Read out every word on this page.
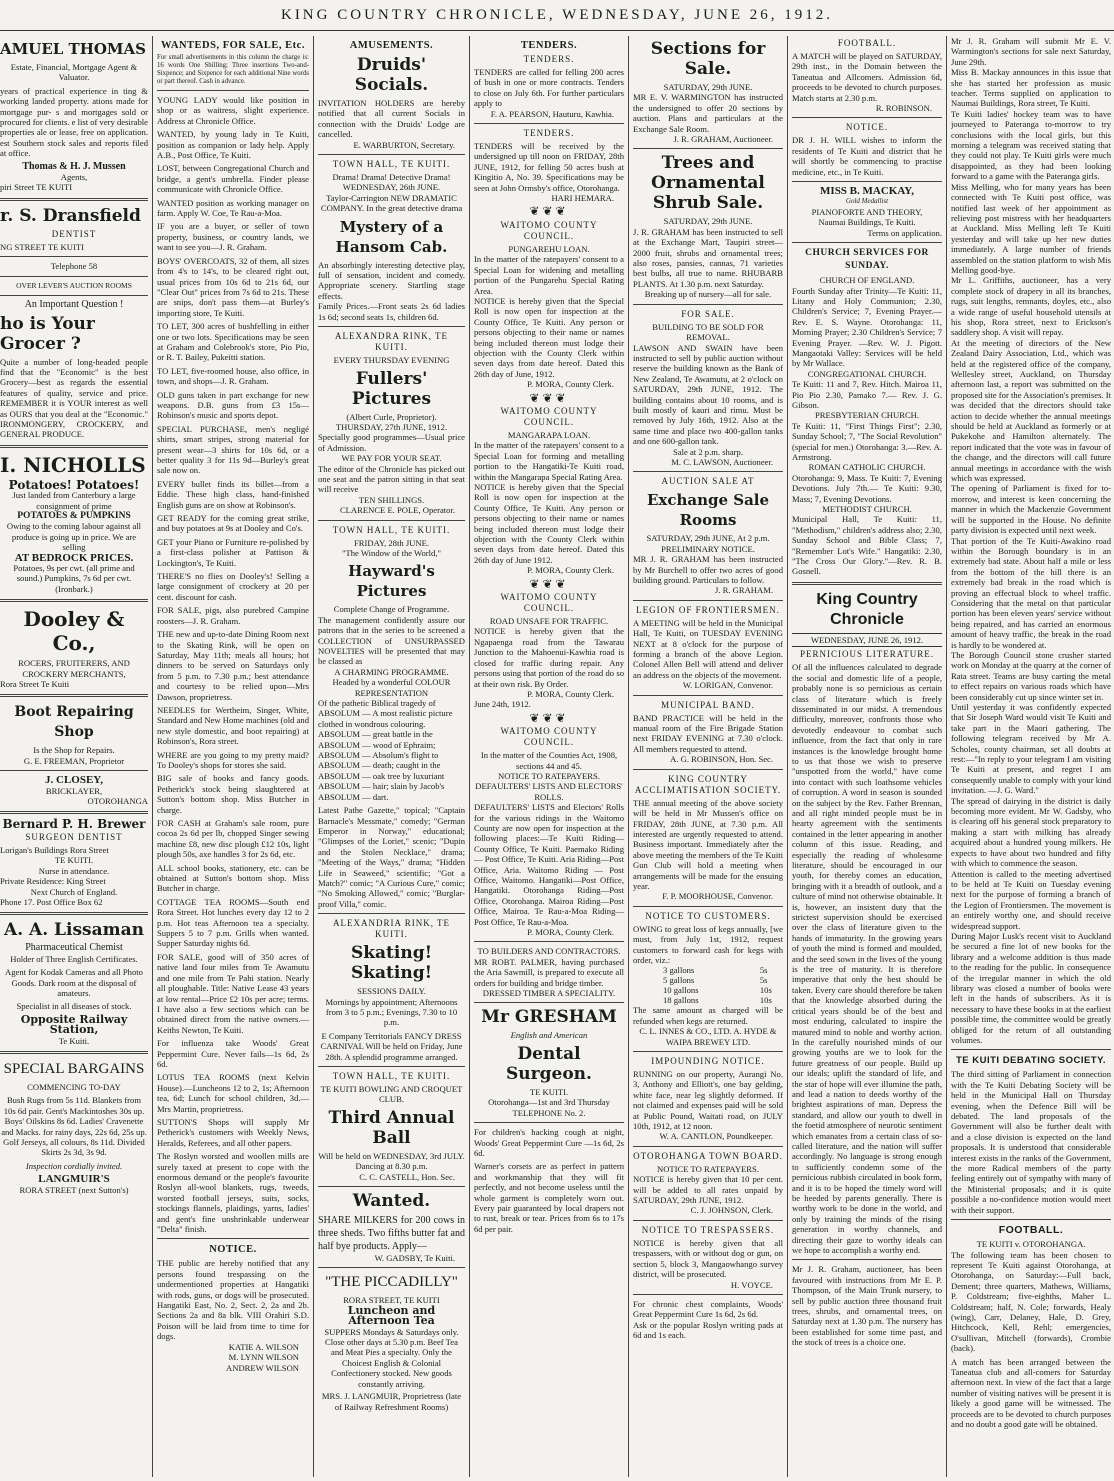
KING COUNTRY CHRONICLE, WEDNESDAY, JUNE 26, 1912.
AMUEL THOMAS
Estate, Financial, Mortgage Agent & Valuator.
years of practical experience in ting & working landed property. ations made for mortgage pur- s and mortgages sold or procured for clients. e list of very desirable properties ale or lease, free on application. est Southern stock sales and reports filed at office.
Thomas & H. J. Mussen
Agents,
piri Street TE KUITI
r. S. Dransfield
DENTIST
NG STREET TE KUITI
Telephone 58
OVER LEVER'S AUCTION ROOMS
An Important Question !
ho is Your Grocer ?
Quite a number of long-headed people find that the "Economic" is the best Grocery—best as regards the essential features of quality, service and price. REMEMBER it is YOUR interest as well as OURS that you deal at the "Economic." IRONMONGERY, CROCKERY, and GENERAL PRODUCE.
I. NICHOLLS
Potatoes! Potatoes!
Just landed from Canterbury a large consignment of prime
POTATOES & PUMPKINS
Owing to the coming labour against all produce is going up in price. We are selling
AT BEDROCK PRICES.
Potatoes, 9s per cwt. (all prime and sound.) Pumpkins, 7s 6d per cwt. (Ironbark.)
Dooley & Co.,
ROCERS, FRUITERERS, AND CROCKERY MERCHANTS,
Rora Street Te Kuiti
Boot Repairing Shop
Is the Shop for Repairs.
G. E. FREEMAN, Proprietor
J. CLOSEY,
BRICKLAYER,
OTOROHANGA
Bernard P. H. Brewer
SURGEON DENTIST
Lorigan's Buildings Rora Street
TE KUITI.
Nurse in attendance.
Private Residence: King Street
Next Church of England.
Phone 17. Post Office Box 62
A. A. Lissaman
Pharmaceutical Chemist
Holder of Three English Certificates.
Agent for Kodak Cameras and all Photo Goods. Dark room at the disposal of amateurs.
Specialist in all diseases of stock.
Opposite Railway Station,
Te Kuiti.
SPECIAL BARGAINS
COMMENCING TO-DAY
Bush Rugs from 5s 11d. Blankets from 10s 6d pair. Gent's Mackintoshes 30s up. Boys' Oilskins 8s 6d. Ladies' Cravenette and Macks. for rainy days, 22s 6d, 25s up. Golf Jerseys, all colours, 8s 11d. Divided Skirts 2s 3d, 3s 9d.
Inspection cordially invited.
LANGMUIR'S
RORA STREET (next Sutton's)
WANTEDS, FOR SALE, Etc.
For small advertisements in this column the charge is: 16 words One Shilling; Three insertions Two-and-Sixpence; and Sixpence for each additional Nine words or part thereof. Cash in advance.
YOUNG LADY would like position in shop or as waitress, slight experience. Address at Chronicle Office.
WANTED, by young lady in Te Kuiti, position as companion or lady help. Apply A.B., Post Office, Te Kuiti.
LOST, between Congregational Church and bridge, a gent's umbrella. Finder please communicate with Chronicle Office.
WANTED position as working manager on farm. Apply W. Coe, Te Rau-a-Moa.
IF you are a buyer, or seller of town property, business, or country lands, we want to see you—J. R. Graham.
BOYS' OVERCOATS, 32 of them, all sizes from 4's to 14's, to be cleared right out, usual prices from 10s 6d to 21s 6d, our "Clear Out" prices from 7s 6d to 21s. These are snips, don't pass them—at Burley's importing store, Te Kuiti.
TO LET, 300 acres of bushfelling in either one or two lots. Specifications may be seen at Graham and Colebrook's store, Pio Pio, or R. T. Bailey, Pukeitti station.
TO LET, five-roomed house, also office, in town, and shops—J. R. Graham.
OLD guns taken in part exchange for new weapons. D.B. guns from £3 15s—Robinson's music and sports depot.
SPECIAL PURCHASE, men's negligé shirts, smart stripes, strong material for present wear—3 shirts for 10s 6d, or a better quality 3 for 11s 9d—Burley's great sale now on.
EVERY bullet finds its billet—from a Eddie. These high class, hand-finished English guns are on show at Robinson's.
GET READY for the coming great strike, and buy potatoes at 9s at Dooley and Co's.
GET your Piano or Furniture re-polished by a first-class polisher at Pattison & Lockington's, Te Kuiti.
THERE'S no flies on Dooley's! Selling a large consignment of crockery at 20 per cent. discount for cash.
FOR SALE, pigs, also purebred Campine roosters—J. R. Graham.
THE new and up-to-date Dining Room next to the Skating Rink, will be open on Saturday, May 11th; meals all hours; hot dinners to be served on Saturdays only from 5 p.m. to 7.30 p.m.; best attendance and courtesy to be relied upon—Mrs Dawson, proprietress.
NEEDLES for Wertheim, Singer, White, Standard and New Home machines (old and new style domestic, and boot repairing) at Robinson's, Rora street.
WHERE are you going to my pretty maid? To Dooley's shops for stores she said.
BIG sale of books and fancy goods. Petherick's stock being slaughtered at Sutton's bottom shop. Miss Butcher in charge.
FOR CASH at Graham's sale room, pure cocoa 2s 6d per lb, chopped Singer sewing machine £8, new disc plough £12 10s, light plough 50s, axe handles 3 for 2s 6d, etc.
ALL school books, stationery, etc. can be obtained at Sutton's bottom shop. Miss Butcher in charge.
COTTAGE TEA ROOMS—South end Rora Street. Hot lunches every day 12 to 2 p.m. Hot teas Afternoon tea a specialty. Suppers 5 to 7 p.m. Grills when wanted. Supper Saturday nights 6d.
FOR SALE, good will of 350 acres of native land four miles from Te Awamutu and one mile from Te Pahi station. Nearly all ploughable. Title: Native Lease 43 years at low rental—Price £2 10s per acre; terms. I have also a few sections which can be obtained direct from the native owners.—Keiths Newton, Te Kuiti.
For influenza take Woods' Great Peppermint Cure. Never fails—1s 6d, 2s 6d.
LOTUS TEA ROOMS (next Kelvin House).—Luncheons 12 to 2, 1s; Afternoon tea, 6d; Lunch for school children, 3d.—Mrs Martin, proprietress.
SUTTON'S Shops will supply Mr Petherick's customers with Weekly News, Heralds, Referees, and all other papers.
The Roslyn worsted and woollen mills are surely taxed at present to cope with the enormous demand or the people's favourite Roslyn all-wool blankets, rugs, tweeds, worsted football jerseys, suits, socks, stockings flannels, plaidings, yarns, ladies' and gent's fine unshrinkable underwear "Delta" finish.
NOTICE.
THE public are hereby notified that any persons found trespassing on the undermentioned properties at Hangatiki with rods, guns, or dogs will be prosecuted. Hangatiki East, No. 2, Sect. 2, 2a and 2b. Sections 2a and 8a blk. VIII Orahiri S.D. Poison will be laid from time to time for dogs.
KATIE A. WILSON
M. LYNN WILSON
ANDREW WILSON
AMUSEMENTS.
Druids' Socials.
INVITATION HOLDERS are hereby notified that all current Socials in connection with the Druids' Lodge are cancelled.
E. WARBURTON, Secretary.
TOWN HALL, TE KUITI.
Drama! Drama! Detective Drama!
WEDNESDAY, 26th JUNE.
Taylor-Carrington NEW DRAMATIC COMPANY. In the great detective drama
Mystery of a Hansom Cab.
An absorbingly interesting detective play, full of sensation, incident and comedy. Appropriate scenery. Startling stage effects.
Family Prices.—Front seats 2s 6d ladies 1s 6d; second seats 1s, children 6d.
ALEXANDRA RINK, TE KUITI.
EVERY THURSDAY EVENING
Fullers' Pictures
(Albert Curle, Proprietor).
THURSDAY, 27th JUNE, 1912.
Specially good programmes—Usual price of Admission.
WE PAY FOR YOUR SEAT.
The editor of the Chronicle has picked out one seat and the patron sitting in that seat will receive
TEN SHILLINGS.
CLARENCE E. POLE, Operator.
TOWN HALL, TE KUITI.
FRIDAY, 28th JUNE.
"The Window of the World,"
Hayward's Pictures
Complete Change of Programme.
The management confidently assure our patrons that in the series to be screened a COLLECTION of UNSURPASSED NOVELTIES will be presented that may be classed as
A CHARMING PROGRAMME.
Headed by a wonderful COLOUR REPRESENTATION
Of the pathetic Biblical tragedy of
ABSOLUM — A most realistic picture clothed in wondrous colouring.
ABSOLUM — great battle in the
ABSOLUM — wood of Ephraim;
ABSOLUM — Absolum's flight to
ABSOLUM — death; caught in the
ABSOLUM — oak tree by luxuriant
ABSOLUM — hair; slain by Jacob's
ABSOLUM — dart.
Latest Pathe Gazette," topical; "Captain Barnacle's Messmate," comedy; "German Emperor in Norway," educational; "Glimpses of the Loriet," scenic; "Dupin and the Stolen Necklace," drama; "Meeting of the Ways," drama; "Hidden Life in Seaweed," scientific; "Got a Match?" comic; "A Curious Cure," comic; "No Smoking Allowed," comic; "Burglar-proof Villa," comic.
ALEXANDRIA RINK, TE KUITI.
Skating! Skating!
SESSIONS DAILY.
Mornings by appointment; Afternoons from 3 to 5 p.m.; Evenings, 7.30 to 10 p.m.
E Company Territorials FANCY DRESS CARNIVAL Will be held on Friday, June 28th. A splendid programme arranged.
TOWN HALL, TE KUITI.
TE KUITI BOWLING AND CROQUET CLUB.
Third Annual Ball
Will be held on WEDNESDAY, 3rd JULY.
Dancing at 8.30 p.m.
C. C. CASTELL, Hon. Sec.
Wanted.
SHARE MILKERS for 200 cows in three sheds. Two fifths butter fat and half bye products. Apply—
W. GADSBY, Te Kuiti.
"THE PICCADILLY"
RORA STREET, TE KUITI
Luncheon and Afternoon Tea
SUPPERS Mondays & Saturdays only. Close other days at 5.30 p.m. Beef Tea and Meat Pies a specialty. Only the Choicest English & Colonial Confectionery stocked. New goods constantly arriving.
MRS. J. LANGMUIR, Proprietress (late of Railway Refreshment Rooms)
TENDERS.
TENDERS.
TENDERS are called for felling 200 acres of bush in one or more contracts. Tenders to close on July 6th. For further particulars apply to
F. A. PEARSON, Hauturu, Kawhia.
TENDERS.
TENDERS will be received by the undersigned up till noon on FRIDAY, 28th JUNE, 1912, for felling 50 acres bush at Kingitio A, No. 39. Specifications may be seen at John Ormsby's office, Otorohanga.
HARI HEMARA.
❦❦❦
WAITOMO COUNTY COUNCIL.
PUNGAREHU LOAN.
In the matter of the ratepayers' consent to a Special Loan for widening and metalling portion of the Pungarehu Special Rating Area.
NOTICE is hereby given that the Special Roll is now open for inspection at the County Office, Te Kuiti. Any person or persons objecting to their name or names being included thereon must lodge their objection with the County Clerk within seven days from date hereof. Dated this 26th day of June, 1912.
P. MORA, County Clerk.
❦❦❦
WAITOMO COUNTY COUNCIL.
MANGARAPA LOAN.
In the matter of the ratepayers' consent to a Special Loan for forming and metalling portion to the Hangatiki-Te Kuiti road, within the Mangarapa Special Rating Area.
NOTICE is hereby given that the Special Roll is now open for inspection at the County Office, Te Kuiti. Any person or persons objecting to their name or names being included thereon must lodge their objection with the County Clerk within seven days from date hereof. Dated this 26th day of June 1912.
P. MORA, County Clerk.
❦❦❦
WAITOMO COUNTY COUNCIL.
ROAD UNSAFE FOR TRAFFIC.
NOTICE is hereby given that the Ngapaenga road from the Tawarau Junction to the Mahoenui-Kawhia road is closed for traffic during repair. Any persons using that portion of the road do so at their own risk. By Order.
P. MORA, County Clerk.
June 24th, 1912.
❦❦❦
WAITOMO COUNTY COUNCIL.
In the matter of the Counties Act, 1908, sections 44 and 45.
NOTICE TO RATEPAYERS.
DEFAULTERS' LISTS AND ELECTORS' ROLLS.
DEFAULTERS' LISTS and Electors' Rolls for the various ridings in the Waitomo County are now open for inspection at the following places:—Te Kuiti Riding—County Office, Te Kuiti. Paemako Riding — Post Office, Te Kuiti. Aria Riding—Post Office, Aria. Waitomo Riding — Post Office, Waitomo. Hangatiki—Post Office, Hangatiki. Otorohanga Riding—Post Office, Otorohanga. Mairoa Riding—Post Office, Mairoa. Te Rau-a-Moa Riding—Post Office, Te Rau-a-Moa.
P. MORA, County Clerk.
TO BUILDERS AND CONTRACTORS.
MR ROBT. PALMER, having purchased the Aria Sawmill, is prepared to execute all orders for building and bridge timber.
DRESSED TIMBER A SPECIALITY.
Mr GRESHAM
English and American
Dental Surgeon.
TE KUITI.
Otorohanga—1st and 3rd Thursday
TELEPHONE No. 2.
For children's hacking cough at night, Woods' Great Peppermint Cure —1s 6d, 2s 6d.
Warner's corsets are as perfect in pattern and workmanship that they will fit perfectly, and not become useless until the whole garment is completely worn out. Every pair guaranteed by local drapers not to rust, break or tear. Prices from 6s to 17s 6d per pair.
Sections for Sale.
SATURDAY, 29th JUNE.
MR E. V. WARMINGTON has instructed the undersigned to offer 20 sections by auction. Plans and particulars at the Exchange Sale Room.
J. R. GRAHAM, Auctioneer.
Trees and Ornamental Shrub Sale.
SATURDAY, 29th JUNE.
J. R. GRAHAM has been instructed to sell at the Exchange Mart, Taupiri street— 2000 fruit, shrubs and ornamental trees; also roses, pansies, cannas, 71 varieties best bulbs, all true to name. RHUBARB PLANTS. At 1.30 p.m. next Saturday.
Breaking up of nursery—all for sale.
FOR SALE.
BUILDING TO BE SOLD FOR REMOVAL.
LAWSON AND SWAIN have been instructed to sell by public auction without reserve the building known as the Bank of New Zealand, Te Awamutu, at 2 o'clock on SATURDAY, 29th JUNE, 1912. The building contains about 10 rooms, and is built mostly of kauri and rimu. Must be removed by July 16th, 1912. Also at the same time and place two 400-gallon tanks and one 600-gallon tank.
Sale at 2 p.m. sharp.
M. C. LAWSON, Auctioneer.
AUCTION SALE AT
Exchange Sale Rooms
SATURDAY, 29th JUNE, At 2 p.m.
PRELIMINARY NOTICE.
MR J. R. GRAHAM has been instructed by Mr Burchell to offer two acres of good building ground. Particulars to follow.
J. R. GRAHAM.
LEGION OF FRONTIERSMEN.
A MEETING will be held in the Municipal Hall, Te Kuiti, on TUESDAY EVENING NEXT at 8 o'clock for the purpose of forming a branch of the above Legion. Colonel Allen Bell will attend and deliver an address on the objects of the movement.
W. LORIGAN, Convenor.
MUNICIPAL BAND.
BAND PRACTICE will be held in the manual room of the Fire Brigade Station next FRIDAY EVENING at 7.30 o'clock. All members requested to attend.
A. G. ROBINSON, Hon. Sec.
KING COUNTRY ACCLIMATISATION SOCIETY.
THE annual meeting of the above society will be held in Mr Mussen's office on FRIDAY, 28th JUNE, at 7.30 p.m. All interested are urgently requested to attend. Business important. Immediately after the above meeting the members of the Te Kuiti Gun Club will hold a meeting when arrangements will be made for the ensuing year.
F. P. MOORHOUSE, Convenor.
NOTICE TO CUSTOMERS.
OWING to great loss of kegs annually, [we must, from July 1st, 1912, request customers to forward cash for kegs with order, viz.:
3 gallons	5s
5 gallons	5s
10 gallons	10s
18 gallons	10s
The same amount as charged will be refunded when kegs are returned.
C. L. INNES & CO., LTD. A. HYDE & WAIPA BREWEY LTD.
IMPOUNDING NOTICE.
RUNNING on our property, Aurangi No. 3, Anthony and Elliott's, one bay gelding, white face, near leg slightly deformed. If not claimed and expenses paid will be sold at Public Pound, Waitati road, on JULY 10th, 1912, at 12 noon.
W. A. CANTLON, Poundkeeper.
OTOROHANGA TOWN BOARD.
NOTICE TO RATEPAYERS.
NOTICE is hereby given that 10 per cent. will be added to all rates unpaid by SATURDAY, 29th JUNE, 1912.
C. J. JOHNSON, Clerk.
NOTICE TO TRESPASSERS.
NOTICE is hereby given that all trespassers, with or without dog or gun, on section 5, block 3, Mangaowhango survey district, will be prosecuted.
H. VOYCE.
For chronic chest complaints, Woods' Great Peppermint Cure 1s 6d, 2s 6d.
Ask or the popular Roslyn writing pads at 6d and 1s each.
FOOTBALL.
A MATCH will be played on SATURDAY, 29th inst., in the Domain between the Taneatua and Allcomers. Admission 6d, proceeds to be devoted to church purposes. Match starts at 2.30 p.m.
R. ROBINSON.
NOTICE.
DR J. H. WILL wishes to inform the residents of Te Kuiti and district that he will shortly be commencing to practise medicine, etc., in Te Kuiti.
MISS B. MACKAY,
Gold Medallist
PIANOFORTE AND THEORY,
Naumai Buildings, Te Kuiti.
Terms on application.
CHURCH SERVICES FOR SUNDAY.
CHURCH OF ENGLAND.
Fourth Sunday after Trinity—Te Kuiti: 11, Litany and Holy Communion; 2.30, Children's Service; 7, Evening Prayer.—Rev. E. S. Wayne. Otorohanga: 11, Morning Prayer; 2.30 Children's Service; 7 Evening Prayer. —Rev. W. J. Pigott. Mangaotaki Valley: Services will be held by Mr Wallace.
CONGREGATIONAL CHURCH.
Te Kuiti: 11 and 7, Rev. Hitch. Mairoa 11, Pio Pio 2.30, Pamako 7.— Rev. J. G. Gibson.
PRESBYTERIAN CHURCH.
Te Kuiti: 11, "First Things First"; 2.30, Sunday School; 7, "The Social Revolution" (special for men.) Otorohanga: 3.—Rev. A. Armstrong.
ROMAN CATHOLIC CHURCH.
Otorohanga: 9, Mass. Te Kuiti: 7, Evening Devotions. July 7th.— Te Kuiti: 9.30, Mass; 7, Evening Devotions.
METHODIST CHURCH.
Municipal Hall, Te Kuiti: 11, "Methodism," children's address also; 2.30, Sunday School and Bible Class; 7, "Remember Lot's Wife." Hangatiki: 2.30, "The Cross Our Glory."—Rev. R. B. Gosnell.
King Country Chronicle
WEDNESDAY, JUNE 26, 1912.
PERNICIOUS LITERATURE.
Of all the influences calculated to degrade the social and domestic life of a people, probably none is so pernicious as certain class of literature which is freely disseminated in our midst. A tremendous difficulty, moreover, confronts those who devotedly endeavour to combat such influence, from the fact that only in rare instances is the knowledge brought home to us that those we wish to preserve "unspotted from the world," have come into contact with such loathsome vehicles of corruption. A word in season is sounded on the subject by the Rev. Father Brennan, and all right minded people must be in hearty agreement with the sentiments contained in the letter appearing in another column of this issue. Reading, and especially the reading of wholesome literature, should be encouraged in our youth, for thereby comes an education, bringing with it a breadth of outlook, and a culture of mind not otherwise obtainable. It is, however, an insistent duty that the strictest supervision should be exercised over the class of literature given to the hands of immaturity. In the growing years of youth the mind is formed and moulded, and the seed sown in the lives of the young is the tree of maturity. It is therefore imperative that only the best should be taken. Every care should therefore be taken that the knowledge absorbed during the critical years should be of the best and most enduring, calculated to inspire the matured mind to noble and worthy action. In the carefully nourished minds of our growing youths are we to look for the future greatness of our people. Build up our ideals; uplift the standard of life, and the star of hope will ever illumine the path, and lead a nation to deeds worthy of the brightest aspirations of man. Depress the standard, and allow our youth to dwell in the foetid atmosphere of neurotic sentiment which emanates from a certain class of so-called literature, and the nation will suffer accordingly. No language is strong enough to sufficiently condemn some of the pernicious rubbish circulated in book form, and it is to be hoped the timely word will be heeded by parents generally. There is worthy work to be done in the world, and only by training the minds of the rising generation in worthy channels, and directing their gaze to worthy ideals can we hope to accomplish a worthy end.
Mr J. R. Graham, auctioneer, has been favoured with instructions from Mr E. P. Thompson, of the Main Trunk nursery, to sell by public auction three thousand fruit trees, shrubs, and ornamental trees, on Saturday next at 1.30 p.m. The nursery has been established for some time past, and the stock of trees is a choice one.
Mr J. R. Graham will submit Mr E. V. Warmington's sections for sale next Saturday, June 29th.
Miss B. Mackay announces in this issue that she has started her profession as music teacher. Terms supplied on application to Naumai Buildings, Rora street, Te Kuiti.
Te Kuiti ladies' hockey team was to have journeyed to Pateranga to-morrow to try conclusions with the local girls, but this morning a telegram was received stating that they could not play. Te Kuiti girls were much disappointed, as they had been looking forward to a game with the Pateranga girls.
Miss Melling, who for many years has been connected with Te Kuiti post office, was notified last week of her appointment as relieving post mistress with her headquarters at Auckland. Miss Melling left Te Kuiti yesterday and will take up her new duties immediately. A large number of friends assembled on the station platform to wish Mis Melling good-bye.
Mr L. Griffiths, auctioneer, has a very complete stock of drapery in all its branches, rugs, suit lengths, remnants, doyles, etc., also a wide range of useful household utensils at his shop, Rora street, next to Erickson's saddlery shop. A visit will repay.
At the meeting of directors of the New Zealand Dairy Association, Ltd., which was held at the registered office of the company, Wellesley street, Auckland, on Thursday afternoon last, a report was submitted on the proposed site for the Association's premises. It was decided that the directors should take action to decide whether the annual meetings should be held at Auckland as formerly or at Pukekohe and Hamilton alternately. The report indicated that the vote was in favour of the change, and the directors will call future annual meetings in accordance with the wish which was expressed.
The opening of Parliament is fixed for to-morrow, and interest is keen concerning the manner in which the Mackenzie Government will be supported in the House. No definite party division is expected until next week.
That portion of the Te Kuiti-Awakino road within the Borough boundary is in an extremely bad state. About half a mile or less from the bottom of the hill there is an extremely bad break in the road which is proving an effectual block to wheel traffic. Considering that the metal on that particular portion has been eleven years' service without being repaired, and has carried an enormous amount of heavy traffic, the break in the road is hardly to be wondered at.
The Borough Council stone crusher started work on Monday at the quarry at the corner of Rata street. Teams are busy carting the metal to effect repairs on various roads which have been considerably cut up since winter set in.
Until yesterday it was confidently expected that Sir Joseph Ward would visit Te Kuiti and take part in the Maori gathering. The following telegram received by Mr A. Scholes, county chairman, set all doubts at rest:—"In reply to your telegram I am visiting Te Kuiti at present, and regret I am consequently unable to comply with your kind invitation. —J. G. Ward."
The spread of dairying in the district is daily becoming more evident. Mr W. Gadsby, who is clearing off his general stock preparatory to making a start with milking has already acquired about a hundred young milkers. He expects to have about two hundred and fifty with which to commence the season.
Attention is called to the meeting advertised to be held at Te Kuiti on Tuesday evening next for the purpose of forming a branch of the Legion of Frontiersmen. The movement is an entirely worthy one, and should receive widespread support.
During Major Lusk's recent visit to Auckland he secured a fine lot of new books for the library and a welcome addition is thus made to the reading for the public. In consequence of the irregular manner in which the old library was closed a number of books were left in the hands of subscribers. As it is necessary to have these books in at the earliest possible time, the committee would be greatly obliged for the return of all outstanding volumes.
TE KUITI DEBATING SOCIETY.
The third sitting of Parliament in connection with the Te Kuiti Debating Society will be held in the Municipal Hall on Thursday evening, when the Defence Bill will be debated. The land proposals of the Government will also be further dealt with and a close division is expected on the land proposals. It is understood that considerable interest exists in the ranks of the Government, the more Radical members of the party feeling entirely out of sympathy with many of the Ministerial proposals; and it is quite possible a no-confidence motion would meet with their support.
FOOTBALL.
TE KUITI v. OTOROHANGA.
The following team has been chosen to represent Te Kuiti against Otorohanga, at Otorohanga, on Saturday:—Full back, Dement; three quarters, Mathews, Williams, P. Coldstream; five-eighths, Maher L. Coldstream; half, N. Cole; forwards, Healy (wing), Carr, Delaney, Hale, D. Grey, Hitchcock, Kell, Rehl; emergencies, O'sullivan, Mitchell (forwards), Crombie (back).
A match has been arranged between the Taneatua club and all-comers for Saturday afternoon next. In view of the fact that a large number of visiting natives will be present it is likely a good game will be witnessed. The proceeds are to be devoted to church purposes and no doubt a good gate will be obtained.
